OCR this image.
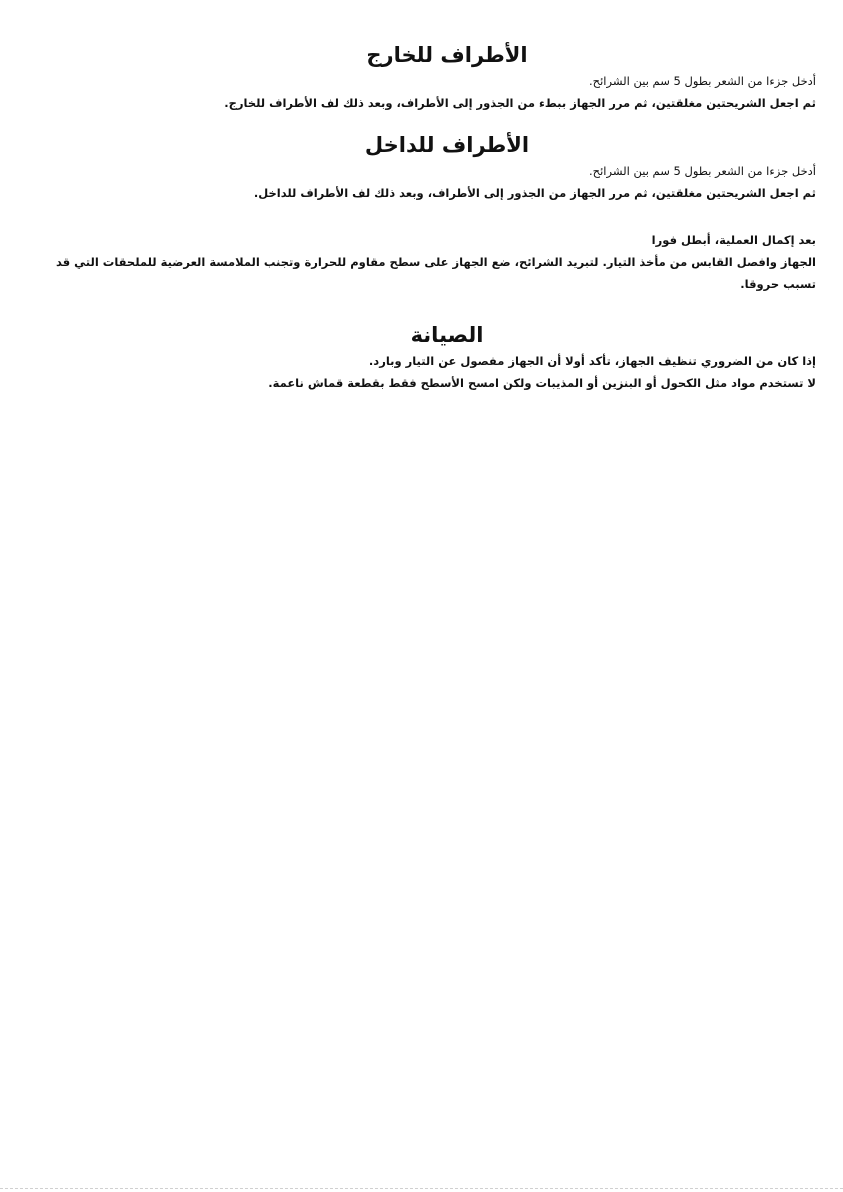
الأطراف للخارج

أدخل جزءا من الشعر بطول 5 سم بين الشرائح.

ثم اجعل الشريحتين مغلقتين، ثم مرر الجهاز ببطء من الجذور إلى الأطراف، وبعد ذلك لف الأطراف للخارج.

الأطراف للداخل

أدخل جزءا من الشعر بطول 5 سم بين الشرائح.

ثم اجعل الشريحتين مغلقتين، ثم مرر الجهاز من الجذور إلى الأطراف، وبعد ذلك لف الأطراف للداخل.

بعد إكمال العملية، أبطل فورا

الجهاز وافصل القابس من مأخذ التيار. لتبريد الشرائح، ضع الجهاز على سطح مقاوم للحرارة وتجنب الملامسة العرضية للملحقات التي قد تسبب حروقا.

الصيانة

إذا كان من الضروري تنظيف الجهاز، تأكد أولا أن الجهاز مفصول عن التيار وبارد.

لا تستخدم مواد مثل الكحول أو البنزين أو المذيبات ولكن امسح الأسطح فقط بقطعة قماش ناعمة.
